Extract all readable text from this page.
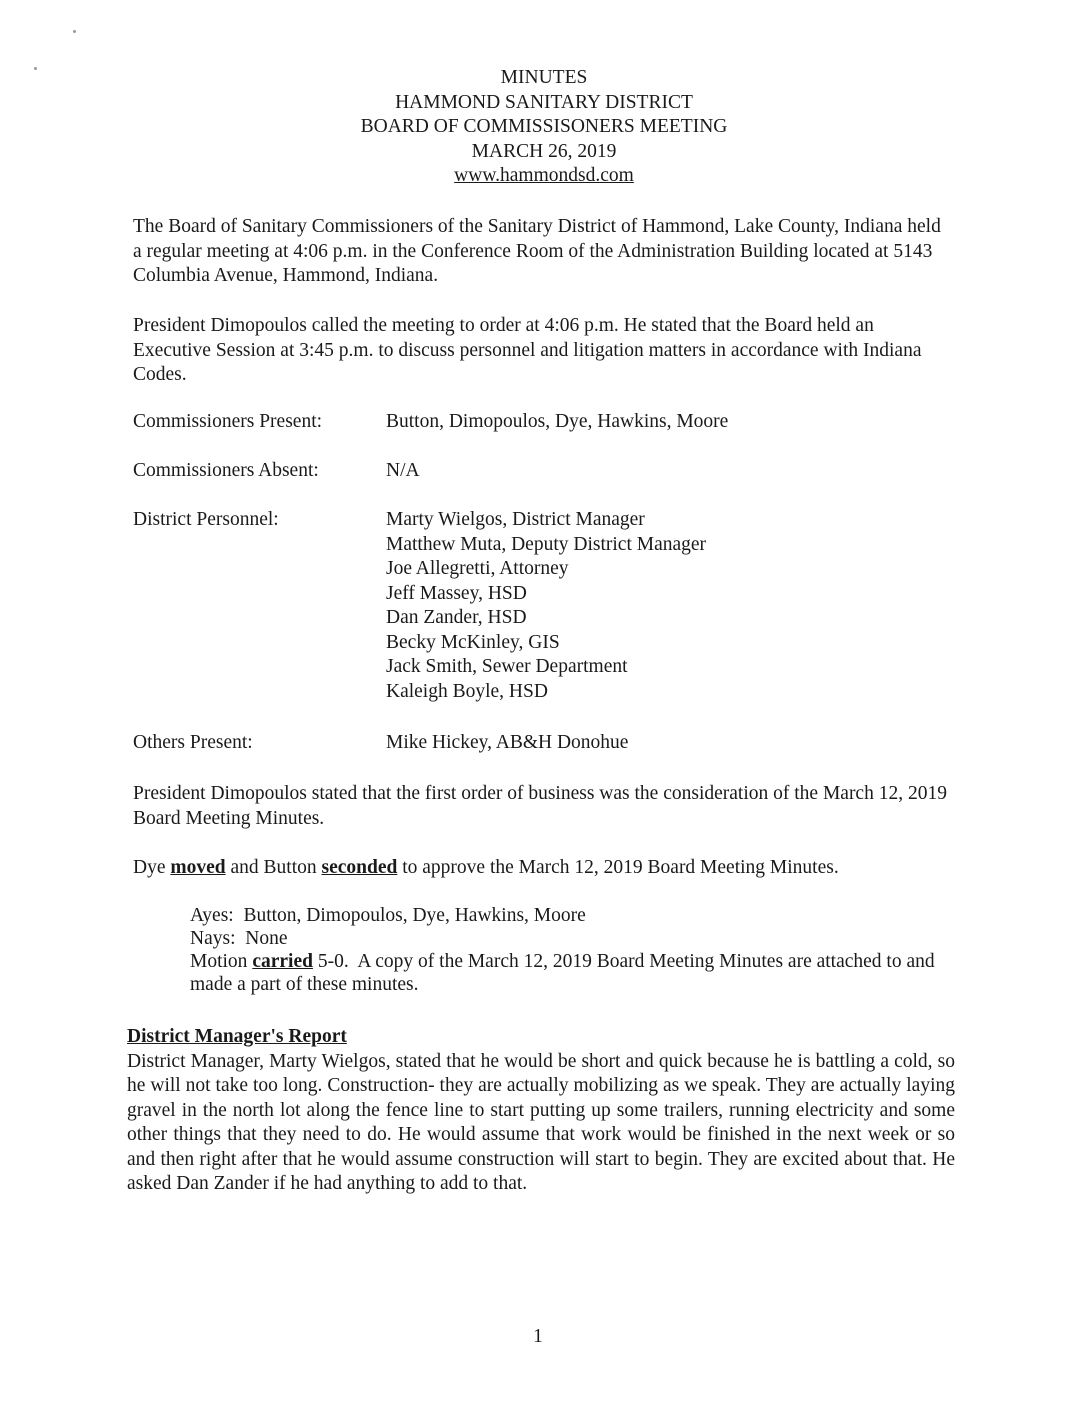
MINUTES
HAMMOND SANITARY DISTRICT
BOARD OF COMMISSISONERS MEETING
MARCH 26, 2019
www.hammondsd.com
The Board of Sanitary Commissioners of the Sanitary District of Hammond, Lake County, Indiana held a regular meeting at 4:06 p.m. in the Conference Room of the Administration Building located at 5143 Columbia Avenue, Hammond, Indiana.
President Dimopoulos called the meeting to order at 4:06 p.m. He stated that the Board held an Executive Session at 3:45 p.m. to discuss personnel and litigation matters in accordance with Indiana Codes.
Commissioners Present:	Button, Dimopoulos, Dye, Hawkins, Moore
Commissioners Absent:	N/A
District Personnel:	Marty Wielgos, District Manager
Matthew Muta, Deputy District Manager
Joe Allegretti, Attorney
Jeff Massey, HSD
Dan Zander, HSD
Becky McKinley, GIS
Jack Smith, Sewer Department
Kaleigh Boyle, HSD
Others Present:	Mike Hickey, AB&H Donohue
President Dimopoulos stated that the first order of business was the consideration of the March 12, 2019 Board Meeting Minutes.
Dye moved and Button seconded to approve the March 12, 2019 Board Meeting Minutes.
Ayes:  Button, Dimopoulos, Dye, Hawkins, Moore
Nays:  None
Motion carried 5-0.  A copy of the March 12, 2019 Board Meeting Minutes are attached to and made a part of these minutes.
District Manager's Report
District Manager, Marty Wielgos, stated that he would be short and quick because he is battling a cold, so he will not take too long. Construction- they are actually mobilizing as we speak. They are actually laying gravel in the north lot along the fence line to start putting up some trailers, running electricity and some other things that they need to do. He would assume that work would be finished in the next week or so and then right after that he would assume construction will start to begin. They are excited about that. He asked Dan Zander if he had anything to add to that.
1
